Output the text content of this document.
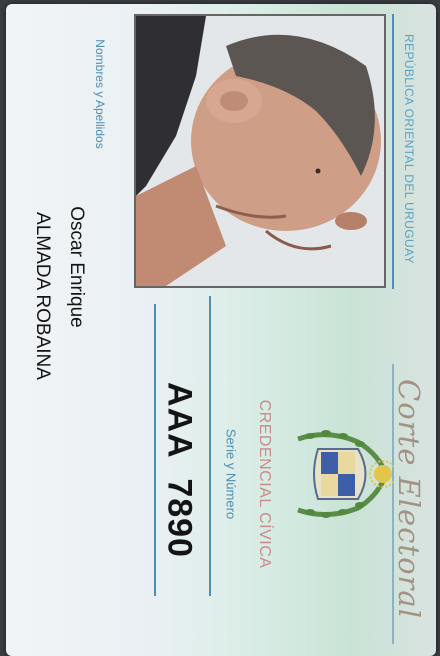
REPÚBLICA ORIENTAL DEL URUGUAY
Corte Electoral
CREDENCIAL CÍVICA
Serie y Número
AAA  7890
Nombres y Apellidos
Oscar Enrique
ALMADA ROBAINA
